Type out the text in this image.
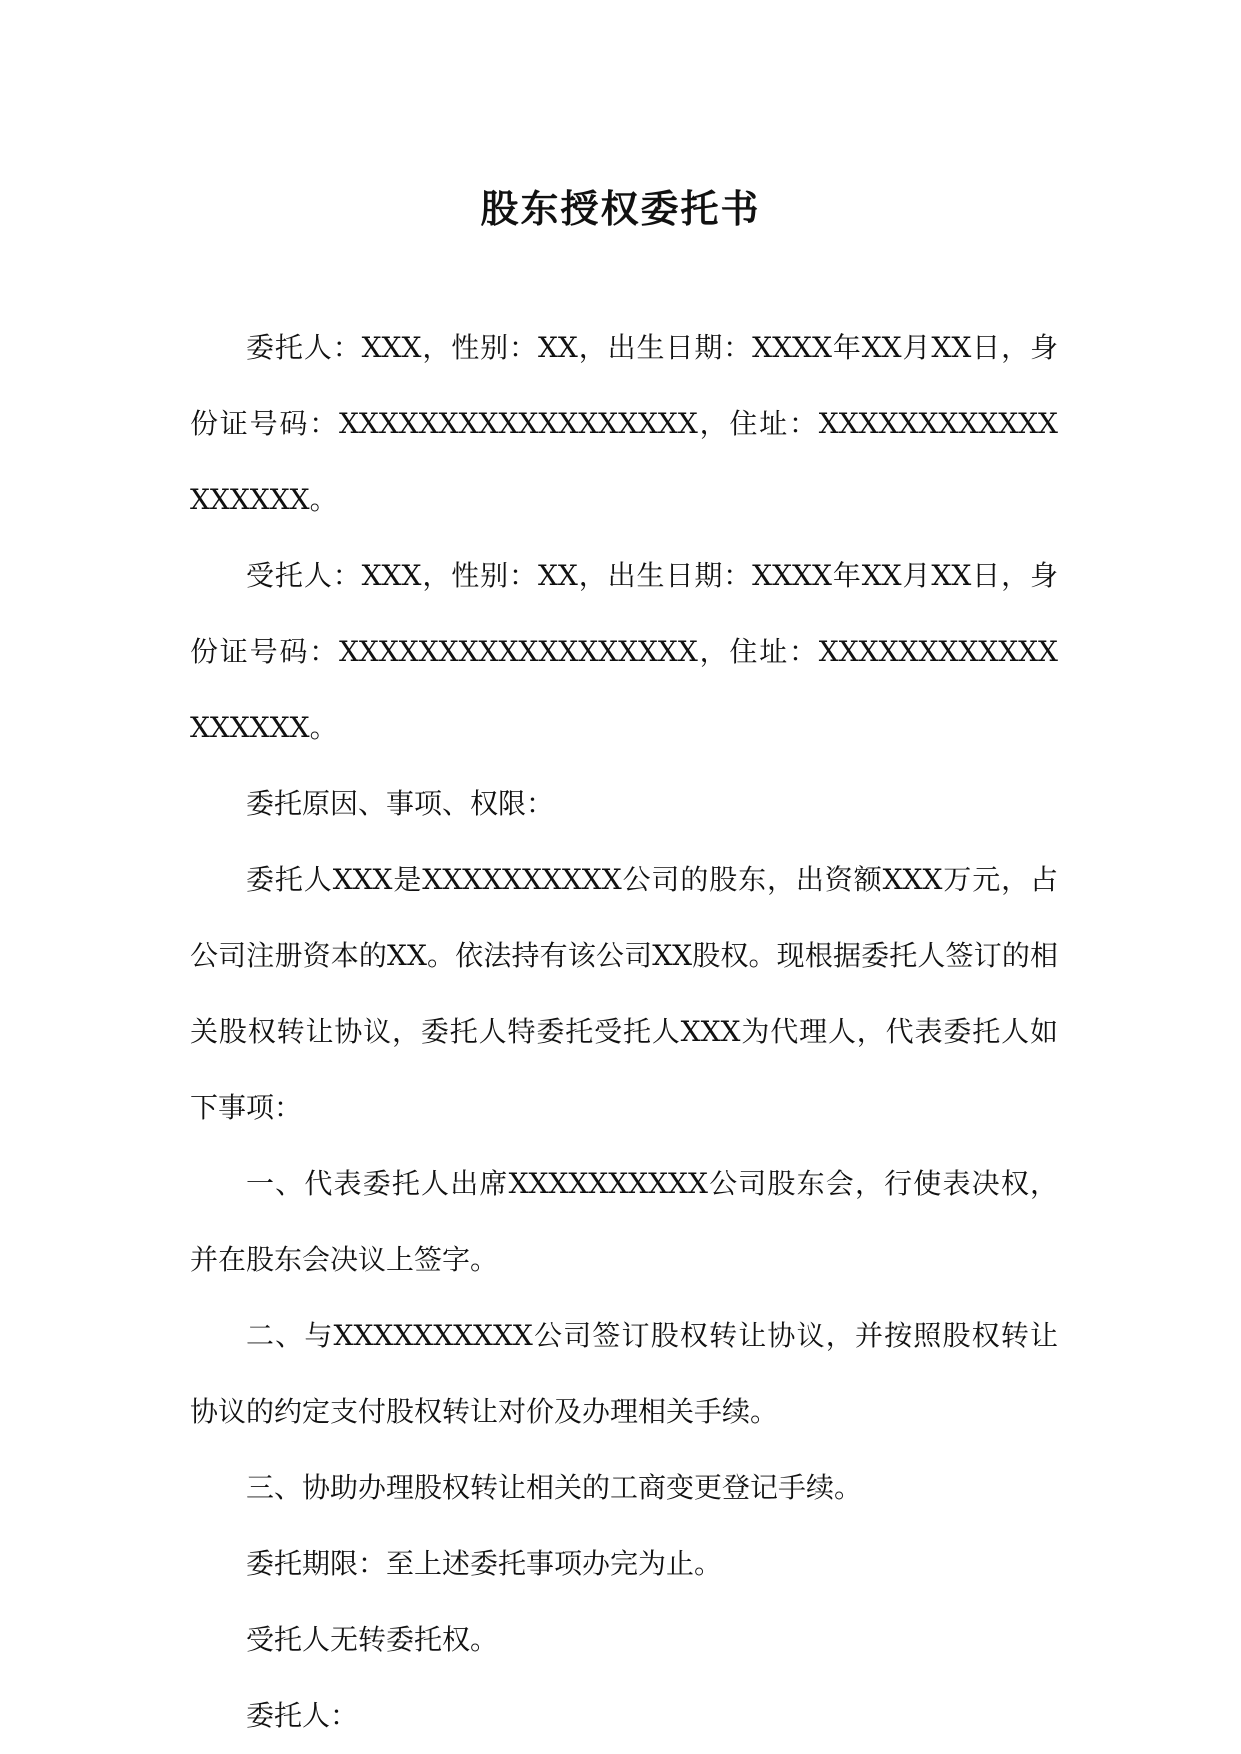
股东授权委托书

委托人：XXX，性别：XX，出生日期：XXXX年XX月XX日，身份证号码：XXXXXXXXXXXXXXXXXX，住址：XXXXXXXXXXXXXXXXXX。

受托人：XXX，性别：XX，出生日期：XXXX年XX月XX日，身份证号码：XXXXXXXXXXXXXXXXXX，住址：XXXXXXXXXXXXXXXXXX。

委托原因、事项、权限：

委托人XXX是XXXXXXXXXX公司的股东，出资额XXX万元，占公司注册资本的XX。依法持有该公司XX股权。现根据委托人签订的相关股权转让协议，委托人特委托受托人XXX为代理人，代表委托人如下事项：

一、代表委托人出席XXXXXXXXXX公司股东会，行使表决权，并在股东会决议上签字。

二、与XXXXXXXXXX公司签订股权转让协议，并按照股权转让协议的约定支付股权转让对价及办理相关手续。

三、协助办理股权转让相关的工商变更登记手续。

委托期限：至上述委托事项办完为止。

受托人无转委托权。

委托人：
